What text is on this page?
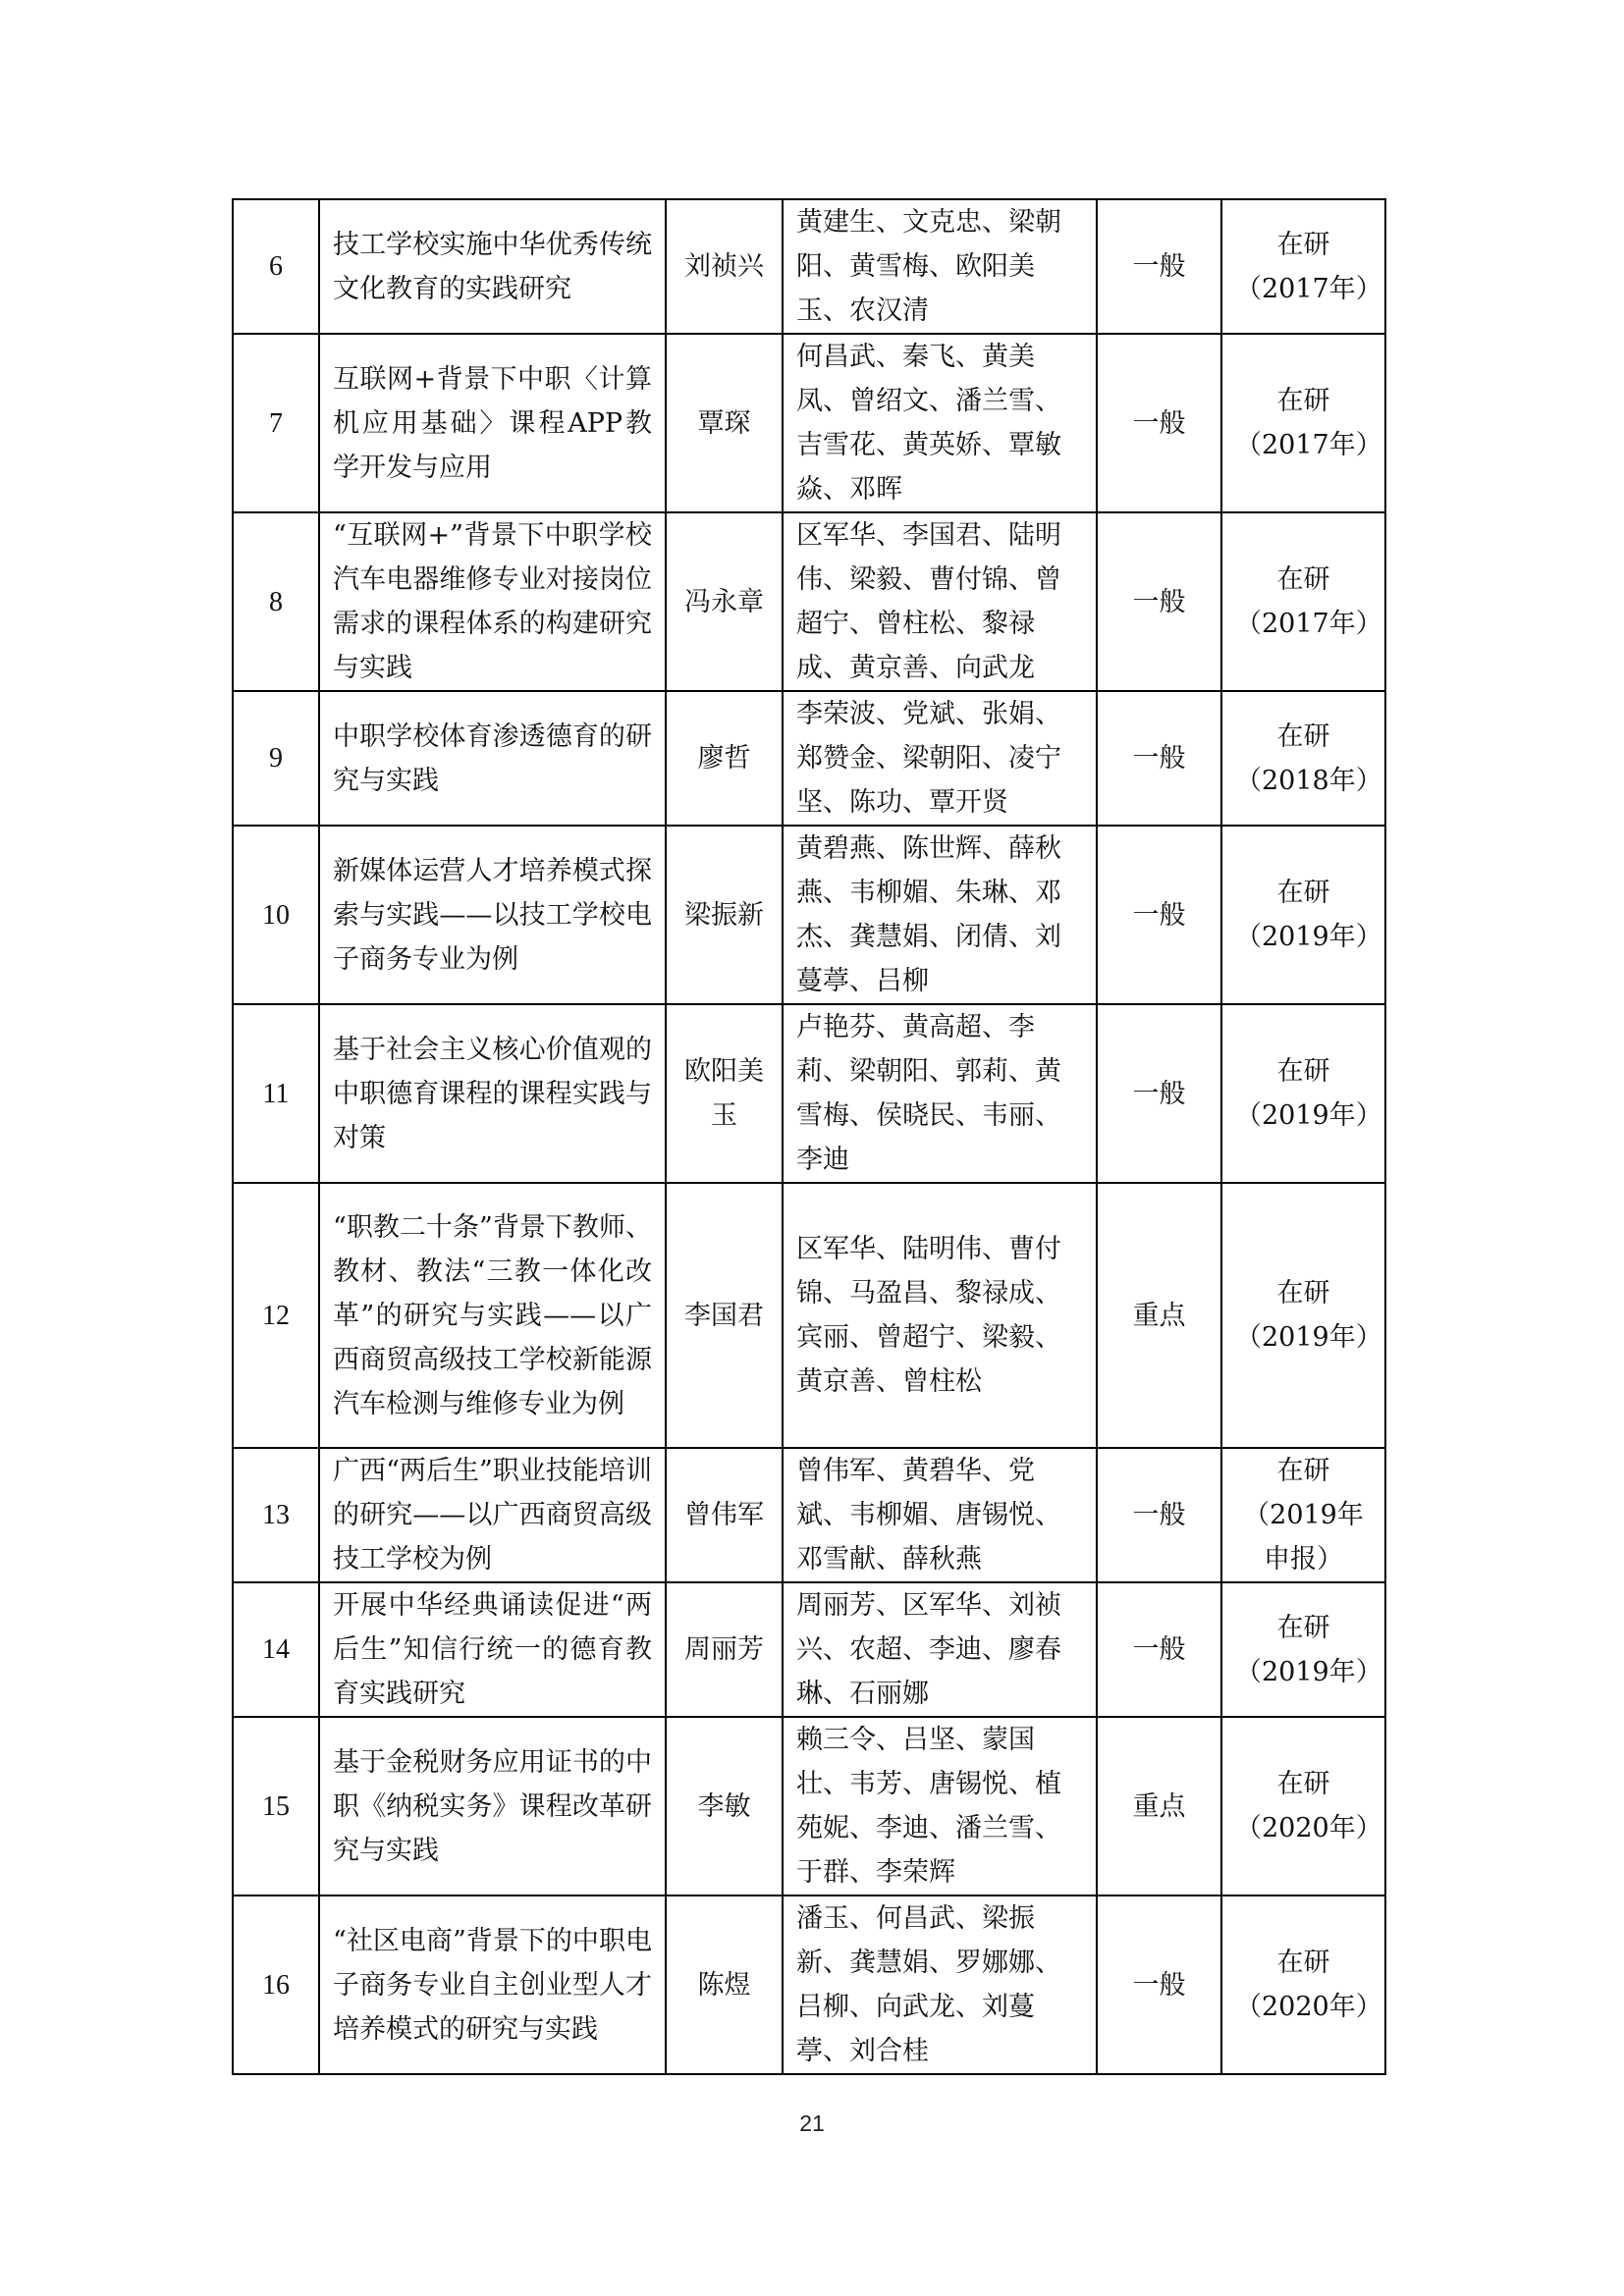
6	技工学校实施中华优秀传统文化教育的实践研究	刘祯兴	黄建生、文克忠、梁朝阳、黄雪梅、欧阳美玉、农汉清	一般	在研（2017年）
7	互联网+背景下中职〈计算机应用基础〉课程APP教学开发与应用	覃琛	何昌武、秦飞、黄美凤、曾绍文、潘兰雪、吉雪花、黄英娇、覃敏焱、邓晖	一般	在研（2017年）
8	“互联网+”背景下中职学校汽车电器维修专业对接岗位需求的课程体系的构建研究与实践	冯永章	区军华、李国君、陆明伟、梁毅、曹付锦、曾超宁、曾柱松、黎禄成、黄京善、向武龙	一般	在研（2017年）
9	中职学校体育渗透德育的研究与实践	廖哲	李荣波、党斌、张娟、郑赞金、梁朝阳、凌宁坚、陈功、覃开贤	一般	在研（2018年）
10	新媒体运营人才培养模式探索与实践——以技工学校电子商务专业为例	梁振新	黄碧燕、陈世辉、薛秋燕、韦柳媚、朱琳、邓杰、龚慧娟、闭倩、刘蔓葶、吕柳	一般	在研（2019年）
11	基于社会主义核心价值观的中职德育课程的课程实践与对策	欧阳美玉	卢艳芬、黄高超、李莉、梁朝阳、郭莉、黄雪梅、侯晓民、韦丽、李迪	一般	在研（2019年）
12	“职教二十条”背景下教师、教材、教法“三教一体化改革”的研究与实践——以广西商贸高级技工学校新能源汽车检测与维修专业为例	李国君	区军华、陆明伟、曹付锦、马盈昌、黎禄成、宾丽、曾超宁、梁毅、黄京善、曾柱松	重点	在研（2019年）
13	广西“两后生”职业技能培训的研究——以广西商贸高级技工学校为例	曾伟军	曾伟军、黄碧华、党斌、韦柳媚、唐锡悦、邓雪献、薛秋燕	一般	在研（2019年申报）
14	开展中华经典诵读促进“两后生”知信行统一的德育教育实践研究	周丽芳	周丽芳、区军华、刘祯兴、农超、李迪、廖春琳、石丽娜	一般	在研（2019年）
15	基于金税财务应用证书的中职《纳税实务》课程改革研究与实践	李敏	赖三令、吕坚、蒙国壮、韦芳、唐锡悦、植苑妮、李迪、潘兰雪、于群、李荣辉	重点	在研（2020年）
16	“社区电商”背景下的中职电子商务专业自主创业型人才培养模式的研究与实践	陈煜	潘玉、何昌武、梁振新、龚慧娟、罗娜娜、吕柳、向武龙、刘蔓葶、刘合桂	一般	在研（2020年）
21
